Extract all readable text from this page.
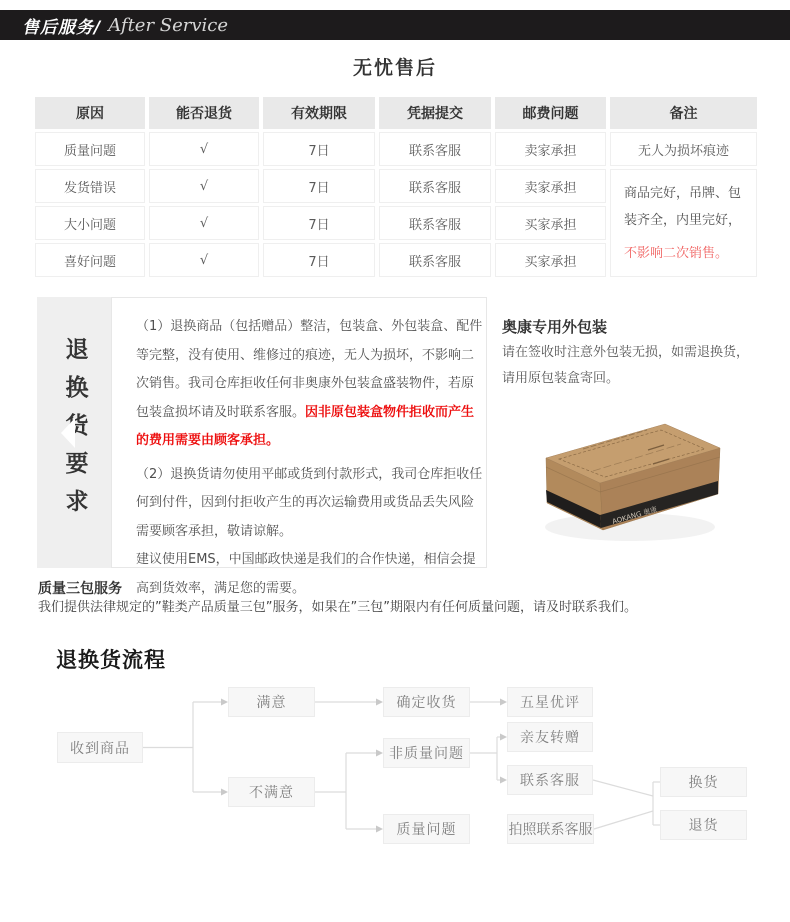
售后服务/ After Service
无忧售后
原因	能否退货	有效期限	凭据提交	邮费问题	备注
质量问题	√	7日	联系客服	卖家承担	无人为损坏痕迹
发货错误	√	7日	联系客服	卖家承担	商品完好，吊牌、包装齐全，内里完好，
不影响二次销售。
大小问题	√	7日	联系客服	买家承担
喜好问题	√	7日	联系客服	买家承担
退换货要求

（1）退换商品（包括赠品）整洁，包装盒、外包装盒、配件等完整，没有使用、维修过的痕迹，无人为损坏，不影响二次销售。我司仓库拒收任何非奥康外包装盒盛装物件，若原包装盒损坏请及时联系客服。因非原包装盒物件拒收而产生的费用需要由顾客承担。

（2）退换货请勿使用平邮或货到付款形式，我司仓库拒收任何到付件，因到付拒收产生的再次运输费用或货品丢失风险需要顾客承担，敬请谅解。
建议使用EMS，中国邮政快递是我们的合作快递，相信会提高到货效率，满足您的需要。

奥康专用外包装

请在签收时注意外包装无损，如需退换货，请用原包装盒寄回。

AOKANG 奥康
质量三包服务

我们提供法律规定的”鞋类产品质量三包”服务，如果在”三包”期限内有任何质量问题，请及时联系我们。

退换货流程
收到商品
满意
不满意
确定收货	五星优评
非质量问题
亲友转赠
联系客服
质量问题	拍照联系客服
换货
退货
